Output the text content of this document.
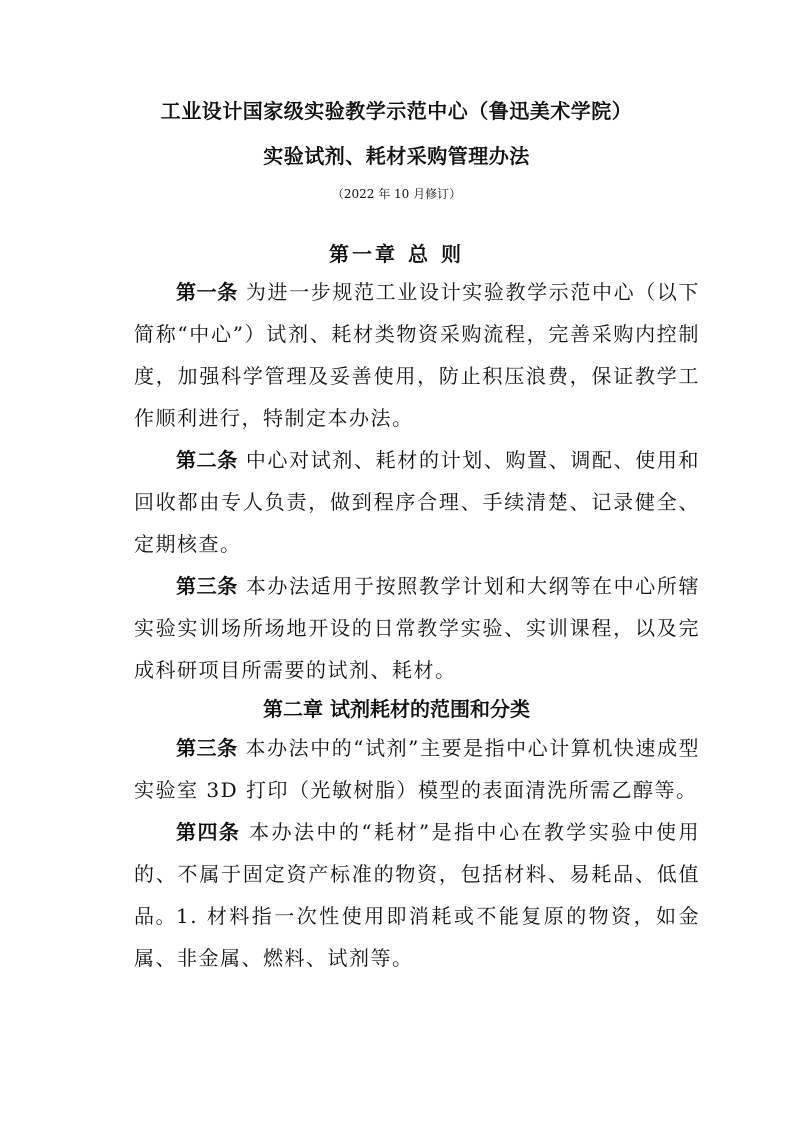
工业设计国家级实验教学示范中心（鲁迅美术学院）
实验试剂、耗材采购管理办法
（2022 年 10 月修订）
第一章 总 则

第一条 为进一步规范工业设计实验教学示范中心（以下简称“中心”）试剂、耗材类物资采购流程，完善采购内控制度，加强科学管理及妥善使用，防止积压浪费，保证教学工作顺利进行，特制定本办法。

第二条 中心对试剂、耗材的计划、购置、调配、使用和回收都由专人负责，做到程序合理、手续清楚、记录健全、定期核查。

第三条 本办法适用于按照教学计划和大纲等在中心所辖实验实训场所场地开设的日常教学实验、实训课程，以及完成科研项目所需要的试剂、耗材。

第二章 试剂耗材的范围和分类

第三条 本办法中的“试剂”主要是指中心计算机快速成型实验室 3D 打印（光敏树脂）模型的表面清洗所需乙醇等。

第四条 本办法中的“耗材”是指中心在教学实验中使用的、不属于固定资产标准的物资，包括材料、易耗品、低值品。 1. 材料指一次性使用即消耗或不能复原的物资，如金属、非金属、燃料、试剂等。
